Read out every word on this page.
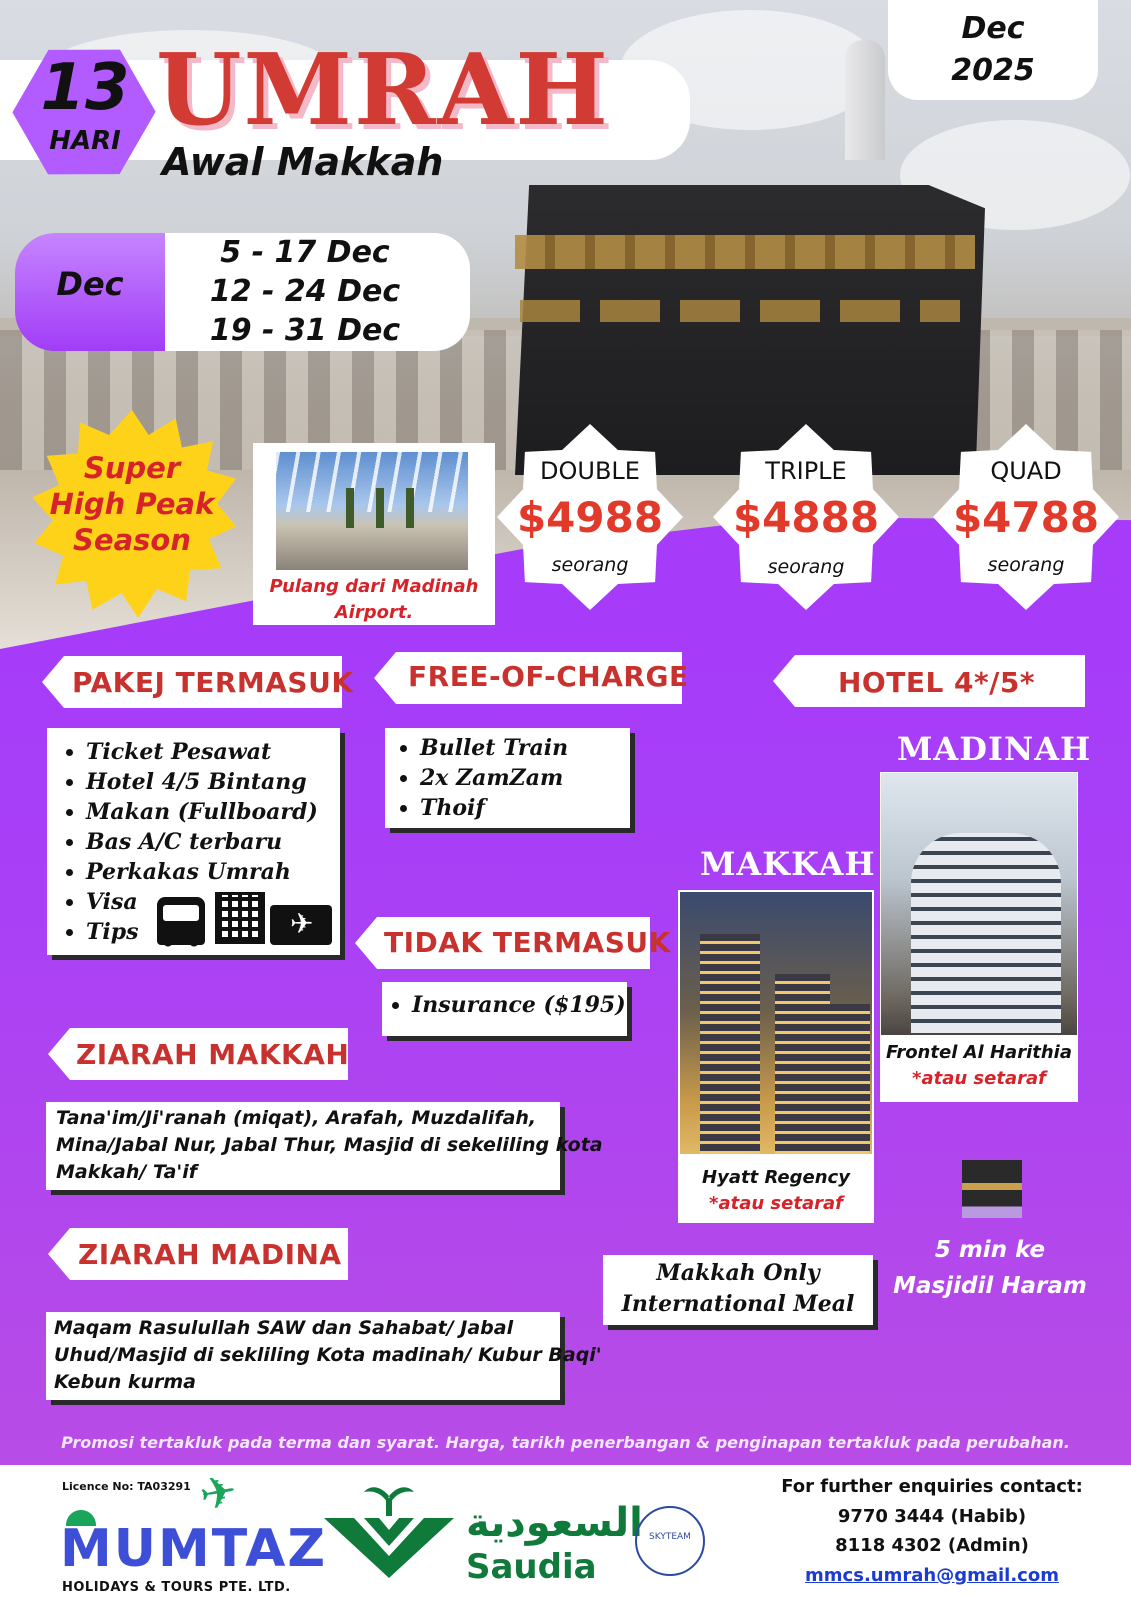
13
HARI UMRAH
Awal Makkah
Dec
2025
Dec
5 - 17 Dec
12 - 24 Dec
19 - 31 Dec
Super
High Peak
Season
Pulang dari Madinah
Airport.
DOUBLE
$4988
seorang
TRIPLE
$4888
seorang
QUAD
$4788
seorang
PAKEJ TERMASUK FREE-OF-CHARGE	HOTEL 4*/5*
TIDAK TERMASUK
ZIARAH MAKKAH
ZIARAH MADINA
• Ticket Pesawat
• Hotel 4/5 Bintang
• Makan (Fullboard)
• Bas A/C terbaru
• Perkakas Umrah
• Visa
• Tips
✈
• Bullet Train
• 2x ZamZam
• Thoif
• Insurance ($195)
Tana'im/Ji'ranah (miqat), Arafah, Muzdalifah,
Mina/Jabal Nur, Jabal Thur, Masjid di sekeliling kota
Makkah/ Ta'if
Maqam Rasulullah SAW dan Sahabat/ Jabal
Uhud/Masjid di sekliling Kota madinah/ Kubur Baqi'
Kebun kurma
MADINAH
Frontel Al Harithia
*atau setaraf
MAKKAH
Hyatt Regency
*atau setaraf
5 min ke
Masjidil Haram
Makkah Only
International Meal
Promosi tertakluk pada terma dan syarat. Harga, tarikh penerbangan & penginapan tertakluk pada perubahan.
Licence No: TA03291 ✈
MUMTAZ
HOLIDAYS & TOURS PTE. LTD.
السعودية
Saudia
SKYTEAM
For further enquiries contact:
9770 3444 (Habib)
8118 4302 (Admin)
mmcs.umrah@gmail.com
